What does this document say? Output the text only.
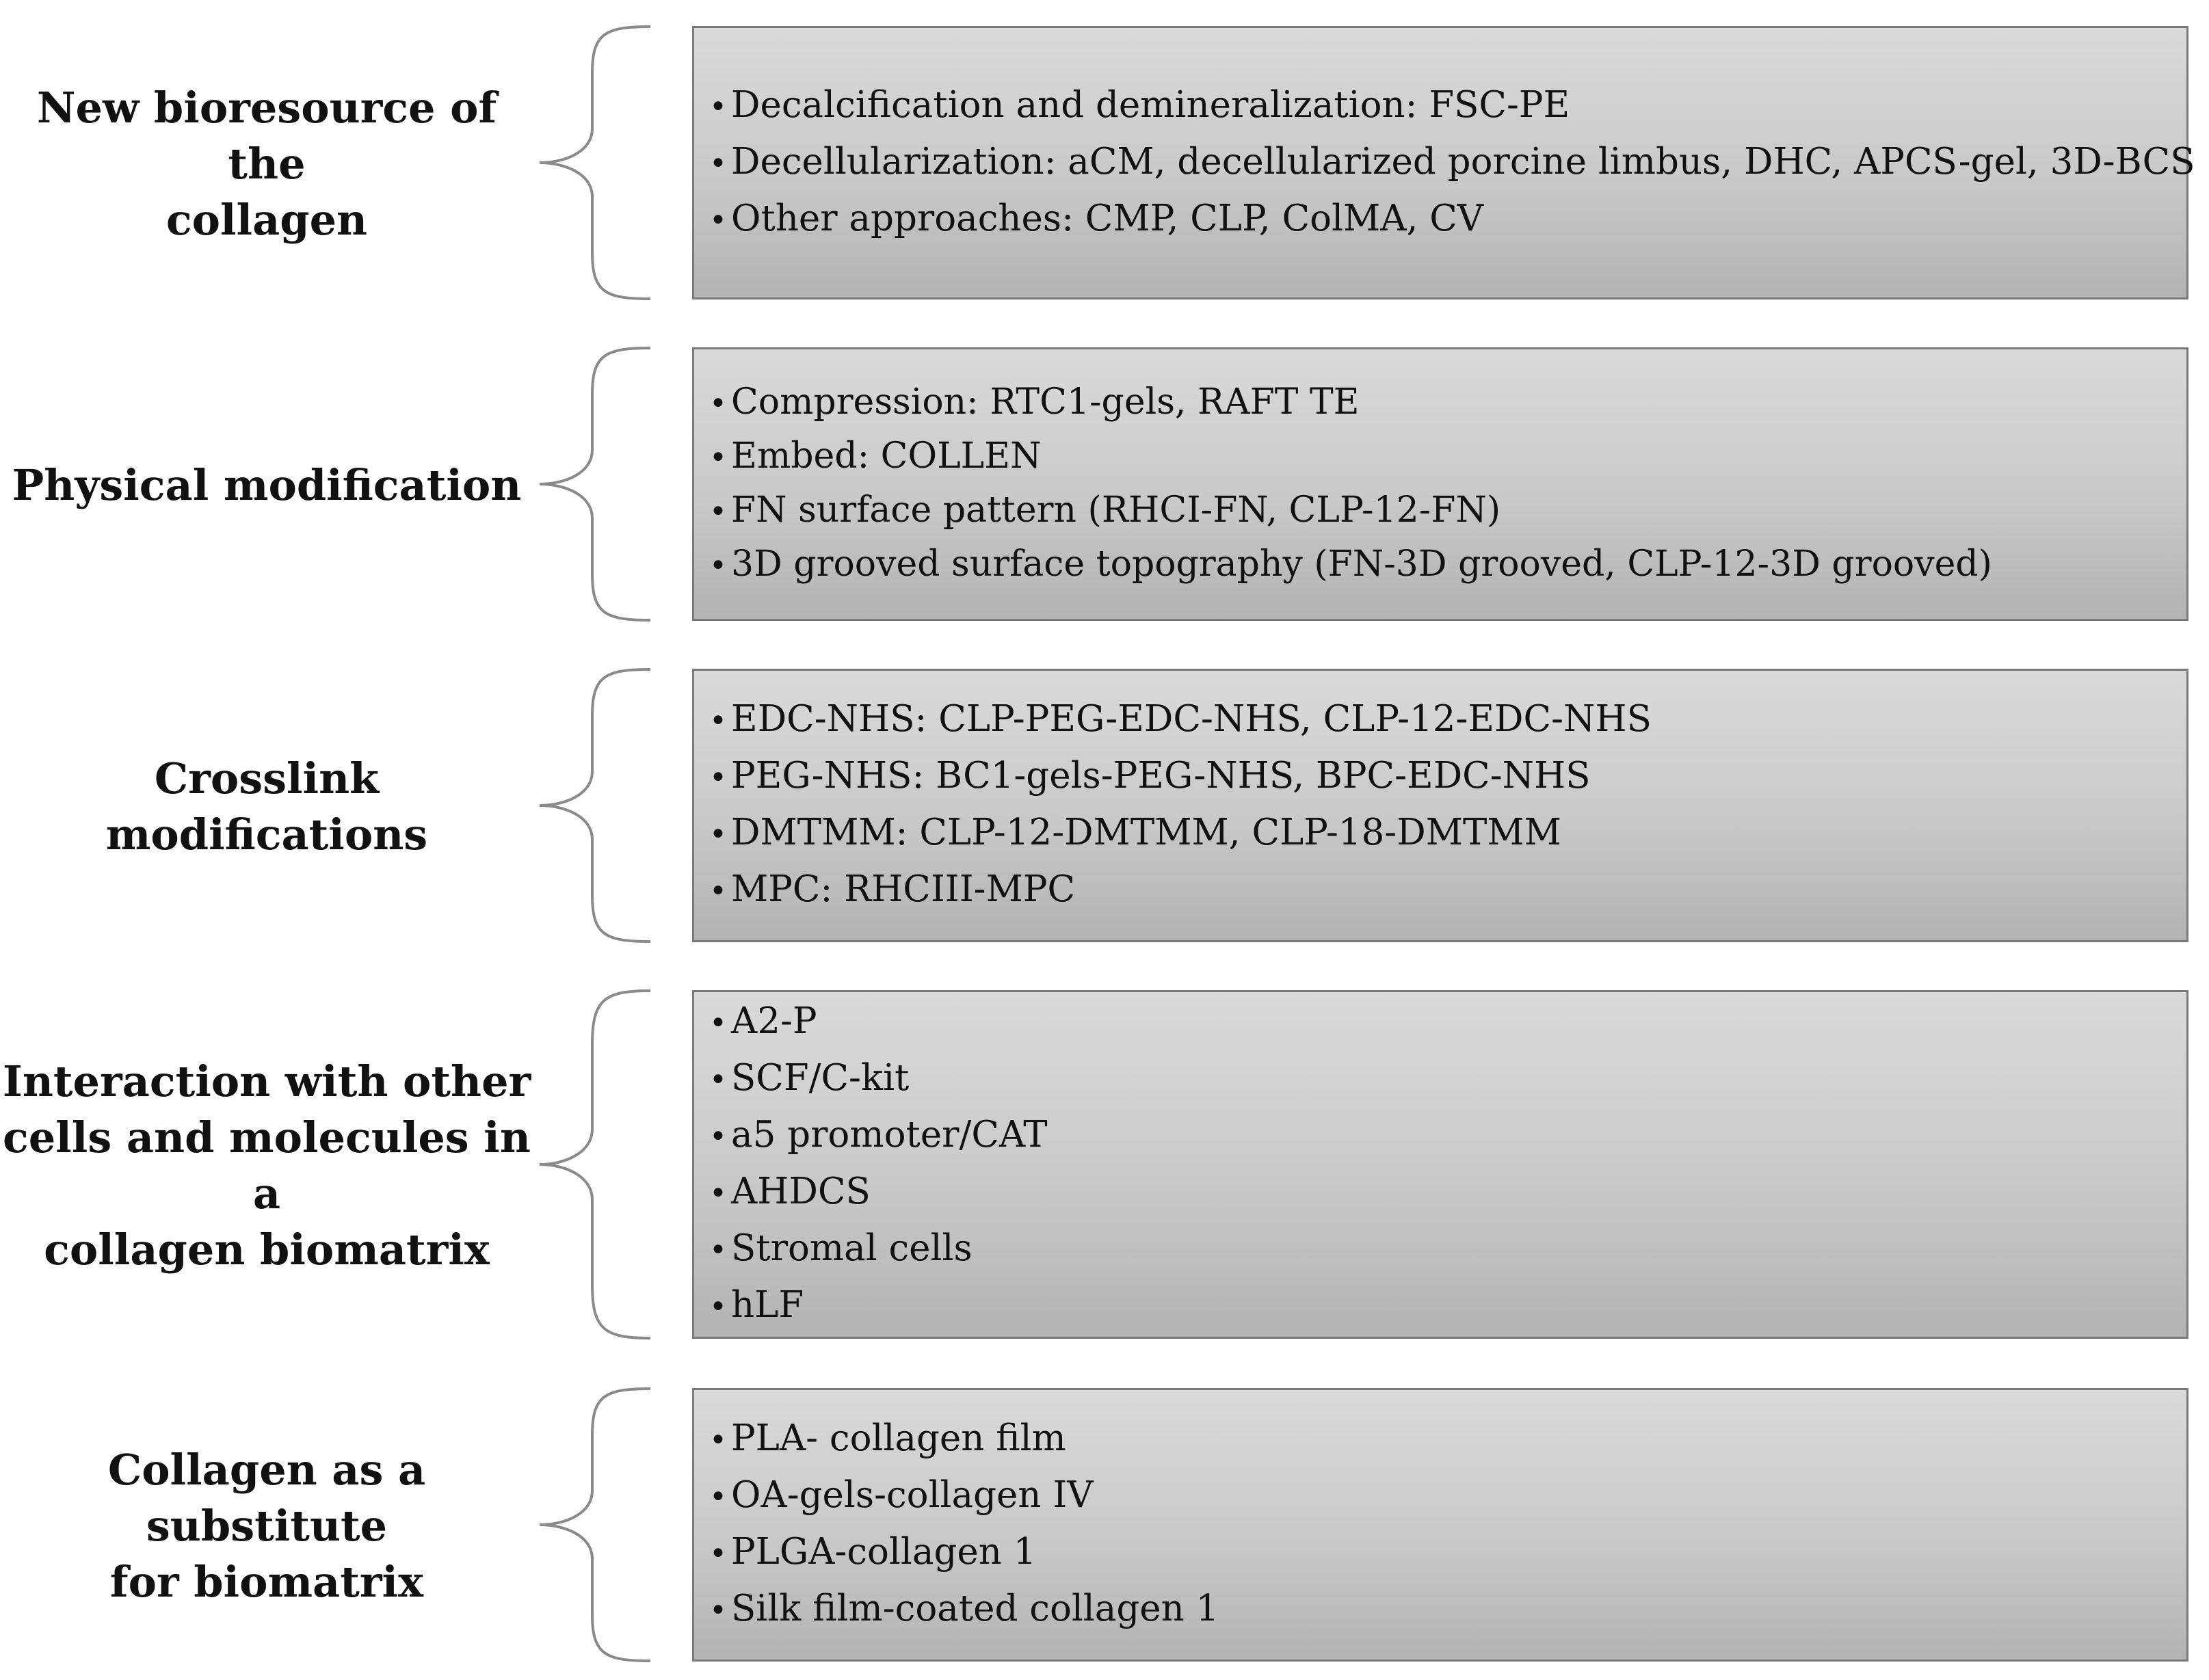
New bioresource of the
collagen
• Decalcification and demineralization: FSC-PE
• Decellularization: aCM, decellularized porcine limbus, DHC, APCS-gel, 3D-BCS
• Other approaches: CMP, CLP, ColMA, CV
Physical modification
• Compression: RTC1-gels, RAFT TE
• Embed: COLLEN
• FN surface pattern (RHCI-FN, CLP-12-FN)
• 3D grooved surface topography (FN-3D grooved, CLP-12-3D grooved)
Crosslink modifications
• EDC-NHS: CLP-PEG-EDC-NHS, CLP-12-EDC-NHS
• PEG-NHS: BC1-gels-PEG-NHS, BPC-EDC-NHS
• DMTMM: CLP-12-DMTMM, CLP-18-DMTMM
• MPC: RHCIII-MPC
Interaction with other
cells and molecules in a
collagen biomatrix
• A2-P
• SCF/C-kit
• a5 promoter/CAT
• AHDCS
• Stromal cells
• hLF
Collagen as a substitute
for biomatrix
• PLA- collagen film
• OA-gels-collagen IV
• PLGA-collagen 1
• Silk film-coated collagen 1
